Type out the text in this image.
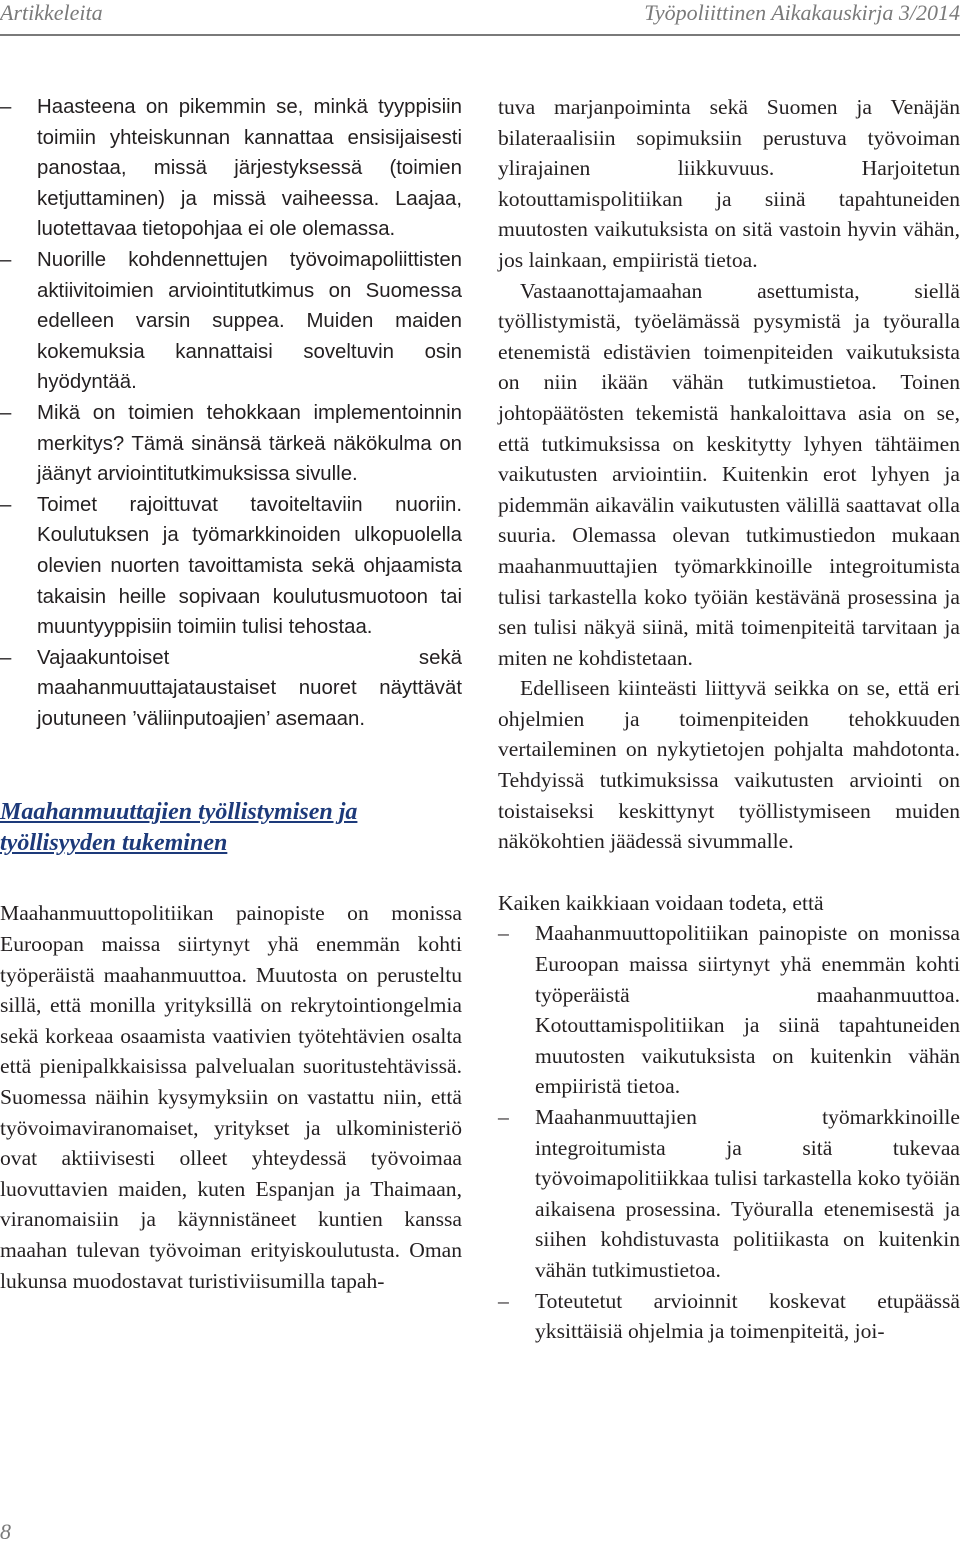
Artikkeleita	Työpoliittinen Aikakauskirja 3/2014
– Haasteena on pikemmin se, minkä tyyppisiin toimiin yhteiskunnan kannattaa ensisijaisesti panostaa, missä järjestyksessä (toimien ketjuttaminen) ja missä vaiheessa. Laajaa, luotettavaa tietopohjaa ei ole olemassa.
– Nuorille kohdennettujen työvoimapoliittisten aktiivitoimien arviointitutkimus on Suomessa edelleen varsin suppea. Muiden maiden kokemuksia kannattaisi soveltuvin osin hyödyntää.
– Mikä on toimien tehokkaan implementoinnin merkitys? Tämä sinänsä tärkeä näkökulma on jäänyt arviointitutkimuksissa sivulle.
– Toimet rajoittuvat tavoiteltaviin nuoriin. Koulutuksen ja työmarkkinoiden ulkopuolella olevien nuorten tavoittamista sekä ohjaamista takaisin heille sopivaan koulutusmuotoon tai muuntyyppisiin toimiin tulisi tehostaa.
– Vajaakuntoiset sekä maahanmuuttajataustaiset nuoret näyttävät joutuneen ’väliinputoajien’ asemaan.
Maahanmuuttajien työllistymisen ja työllisyyden tukeminen

Maahanmuuttopolitiikan painopiste on monissa Euroopan maissa siirtynyt yhä enemmän kohti työperäistä maahanmuuttoa. Muutosta on perusteltu sillä, että monilla yrityksillä on rekrytointiongelmia sekä korkeaa osaamista vaativien työtehtävien osalta että pienipalkkaisissa palvelualan suoritustehtävissä. Suomessa näihin kysymyksiin on vastattu niin, että työvoimaviranomaiset, yritykset ja ulkoministeriö ovat aktiivisesti olleet yhteydessä työvoimaa luovuttavien maiden, kuten Espanjan ja Thaimaan, viranomaisiin ja käynnistäneet kuntien kanssa maahan tulevan työvoiman erityiskoulutusta. Oman lukunsa muodostavat turistiviisumilla tapah-

tuva marjanpoiminta sekä Suomen ja Venäjän bilateraalisiin sopimuksiin perustuva työvoiman ylirajainen liikkuvuus. Harjoitetun kotouttamispolitiikan ja siinä tapahtuneiden muutosten vaikutuksista on sitä vastoin hyvin vähän, jos lainkaan, empiiristä tietoa.

Vastaanottajamaahan asettumista, siellä työllistymistä, työelämässä pysymistä ja työuralla etenemistä edistävien toimenpiteiden vaikutuksista on niin ikään vähän tutkimustietoa. Toinen johtopäätösten tekemistä hankaloittava asia on se, että tutkimuksissa on keskitytty lyhyen tähtäimen vaikutusten arviointiin. Kuitenkin erot lyhyen ja pidemmän aikavälin vaikutusten välillä saattavat olla suuria. Olemassa olevan tutkimustiedon mukaan maahanmuuttajien työmarkkinoille integroitumista tulisi tarkastella koko työiän kestävänä prosessina ja sen tulisi näkyä siinä, mitä toimenpiteitä tarvitaan ja miten ne kohdistetaan.

Edelliseen kiinteästi liittyvä seikka on se, että eri ohjelmien ja toimenpiteiden tehokkuuden vertaileminen on nykytietojen pohjalta mahdotonta. Tehdyissä tutkimuksissa vaikutusten arviointi on toistaiseksi keskittynyt työllistymiseen muiden näkökohtien jäädessä sivummalle.

Kaiken kaikkiaan voidaan todeta, että

– Maahanmuuttopolitiikan painopiste on monissa Euroopan maissa siirtynyt yhä enemmän kohti työperäistä maahanmuuttoa. Kotouttamispolitiikan ja siinä tapahtuneiden muutosten vaikutuksista on kuitenkin vähän empiiristä tietoa.
– Maahanmuuttajien työmarkkinoille integroitumista ja sitä tukevaa työvoimapolitiikkaa tulisi tarkastella koko työiän aikaisena prosessina. Työuralla etenemisestä ja siihen kohdistuvasta politiikasta on kuitenkin vähän tutkimustietoa.
– Toteutetut arvioinnit koskevat etupäässä yksittäisiä ohjelmia ja toimenpiteitä, joi-
8
